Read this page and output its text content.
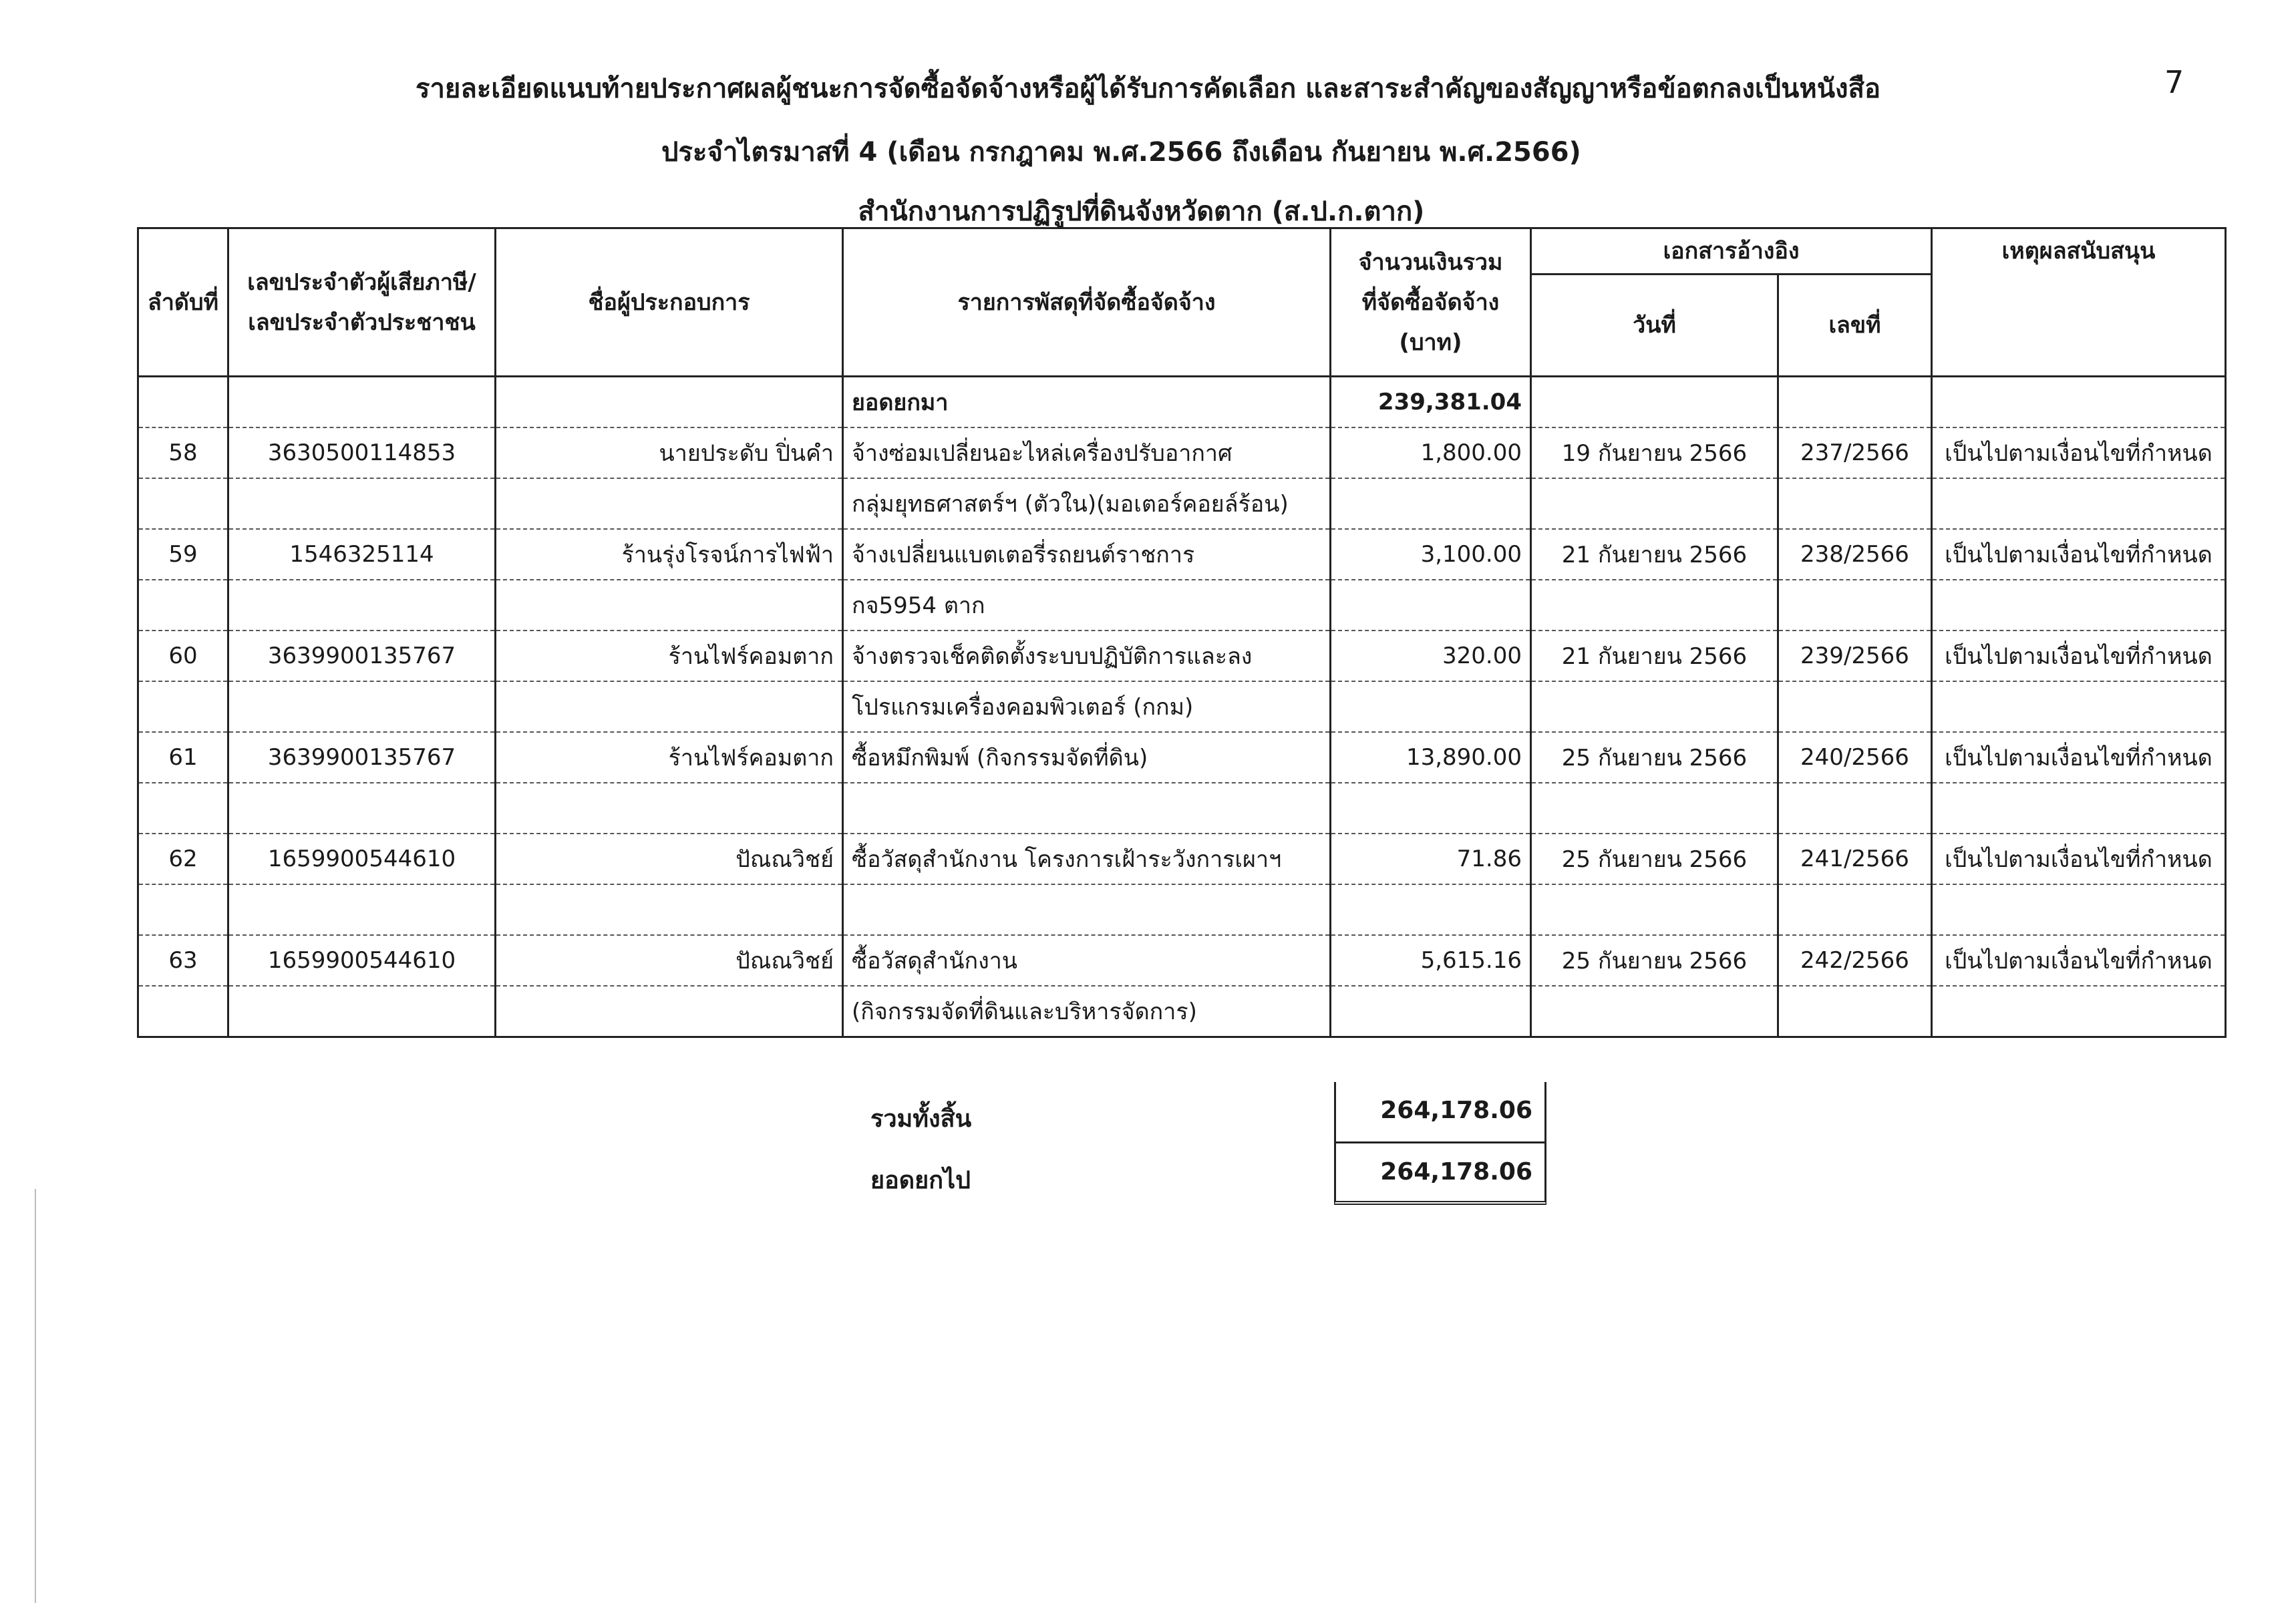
7
รายละเอียดแนบท้ายประกาศผลผู้ชนะการจัดซื้อจัดจ้างหรือผู้ได้รับการคัดเลือก และสาระสำคัญของสัญญาหรือข้อตกลงเป็นหนังสือ
ประจำไตรมาสที่ 4 (เดือน กรกฎาคม พ.ศ.2566 ถึงเดือน กันยายน พ.ศ.2566)
สำนักงานการปฏิรูปที่ดินจังหวัดตาก (ส.ป.ก.ตาก)
ลำดับที่	เลขประจำตัวผู้เสียภาษี/ เลขประจำตัวประชาชน	ชื่อผู้ประกอบการ	รายการพัสดุที่จัดซื้อจัดจ้าง	จำนวนเงินรวม ที่จัดซื้อจัดจ้าง (บาท)	เอกสารอ้างอิง		เหตุผลสนับสนุน
					วันที่	เลขที่	
			ยอดยกมา	239,381.04			
58	3630500114853	นายประดับ ปิ่นคำ	จ้างซ่อมเปลี่ยนอะไหล่เครื่องปรับอากาศ	1,800.00	19 กันยายน 2566	237/2566	เป็นไปตามเงื่อนไขที่กำหนด
			กลุ่มยุทธศาสตร์ฯ (ตัวใน)(มอเตอร์คอยล์ร้อน)				
59	1546325114	ร้านรุ่งโรจน์การไฟฟ้า	จ้างเปลี่ยนแบตเตอรี่รถยนต์ราชการ	3,100.00	21 กันยายน 2566	238/2566	เป็นไปตามเงื่อนไขที่กำหนด
			กจ5954 ตาก				
60	3639900135767	ร้านไฟร์คอมตาก	จ้างตรวจเช็คติดตั้งระบบปฏิบัติการและลง	320.00	21 กันยายน 2566	239/2566	เป็นไปตามเงื่อนไขที่กำหนด
			โปรแกรมเครื่องคอมพิวเตอร์ (กกม)				
61	3639900135767	ร้านไฟร์คอมตาก	ซื้อหมึกพิมพ์ (กิจกรรมจัดที่ดิน)	13,890.00	25 กันยายน 2566	240/2566	เป็นไปตามเงื่อนไขที่กำหนด

62	1659900544610	ปัณณวิชย์	ซื้อวัสดุสำนักงาน โครงการเฝ้าระวังการเผาฯ	71.86	25 กันยายน 2566	241/2566	เป็นไปตามเงื่อนไขที่กำหนด

63	1659900544610	ปัณณวิชย์	ซื้อวัสดุสำนักงาน	5,615.16	25 กันยายน 2566	242/2566	เป็นไปตามเงื่อนไขที่กำหนด
			(กิจกรรมจัดที่ดินและบริหารจัดการ)				
รวมทั้งสิ้น	264,178.06
ยอดยกไป	264,178.06
